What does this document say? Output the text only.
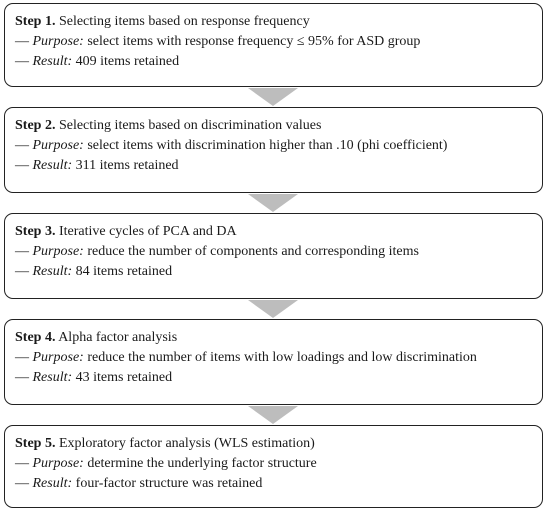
Step 1. Selecting items based on response frequency
— Purpose: select items with response frequency ≤ 95% for ASD group
— Result: 409 items retained
Step 2. Selecting items based on discrimination values
— Purpose: select items with discrimination higher than .10 (phi coefficient)
— Result: 311 items retained
Step 3. Iterative cycles of PCA and DA
— Purpose: reduce the number of components and corresponding items
— Result: 84 items retained
Step 4. Alpha factor analysis
— Purpose: reduce the number of items with low loadings and low discrimination
— Result: 43 items retained
Step 5. Exploratory factor analysis (WLS estimation)
— Purpose: determine the underlying factor structure
— Result: four-factor structure was retained
